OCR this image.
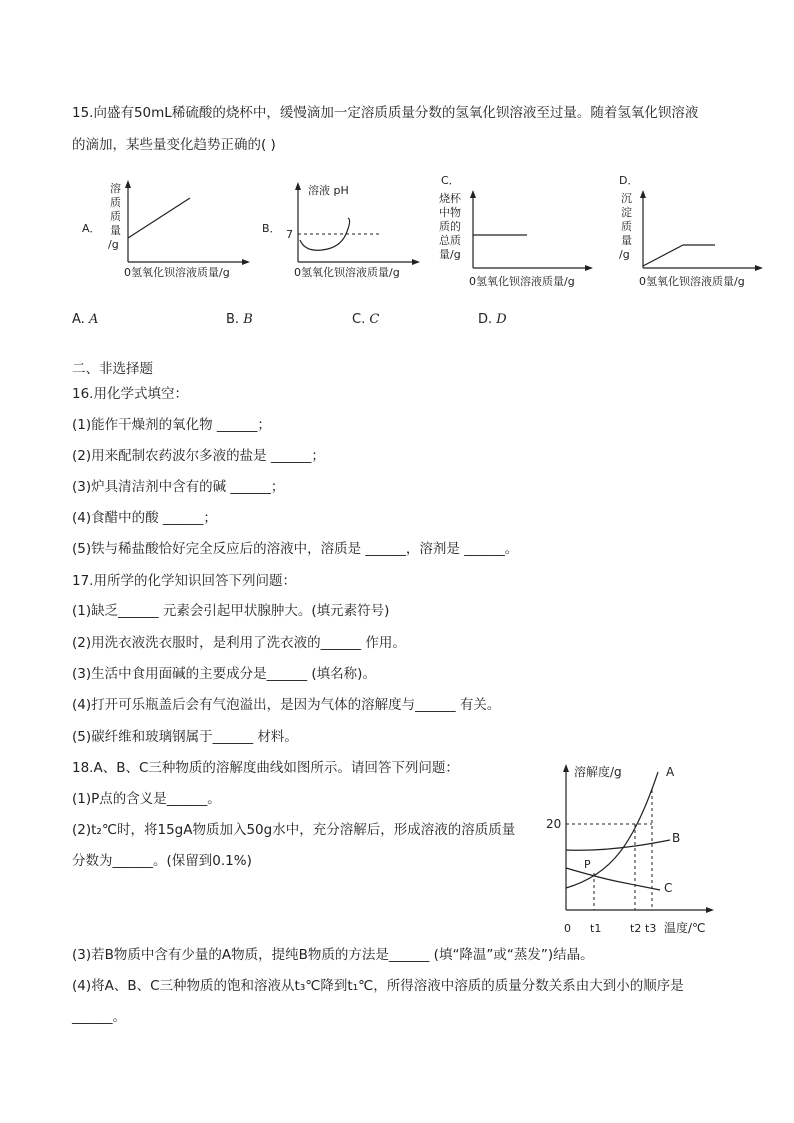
15.向盛有50mL稀硫酸的烧杯中，缓慢滴加一定溶质质量分数的氢氧化钡溶液至过量。随着氢氧化钡溶液
的滴加，某些量变化趋势正确的( )
A．
溶
质
质
量
/g
0氢氧化钡溶液质量/g
B．
溶液 pH
7
0氢氧化钡溶液质量/g
C．
烧杯
中物
质的
总质
量/g
0氢氧化钡溶液质量/g
D．
沉
淀
质
量
/g
0氢氧化钡溶液质量/g
A. A	B. B	C. C	D. D
二、非选择题
16.用化学式填空：
(1)能作干燥剂的氧化物 ______；
(2)用来配制农药波尔多液的盐是 ______；
(3)炉具清洁剂中含有的碱 ______；
(4)食醋中的酸 ______；
(5)铁与稀盐酸恰好完全反应后的溶液中，溶质是 ______，溶剂是 ______。
17.用所学的化学知识回答下列问题：
(1)缺乏______ 元素会引起甲状腺肿大。(填元素符号)
(2)用洗衣液洗衣服时，是利用了洗衣液的______ 作用。
(3)生活中食用面碱的主要成分是______ (填名称)。
(4)打开可乐瓶盖后会有气泡溢出，是因为气体的溶解度与______ 有关。
(5)碳纤维和玻璃钢属于______ 材料。
18.A、B、C三种物质的溶解度曲线如图所示。请回答下列问题：
(1)P点的含义是______。
(2)t₂℃时，将15gA物质加入50g水中，充分溶解后，形成溶液的溶质质量
分数为______。(保留到0.1%)
(3)若B物质中含有少量的A物质，提纯B物质的方法是______ (填“降温”或“蒸发”)结晶。
(4)将A、B、C三种物质的饱和溶液从t₃℃降到t₁℃，所得溶液中溶质的质量分数关系由大到小的顺序是
______。
溶解度/g
0
20
t1	t2 t3 温度/℃
A
B
C
P
